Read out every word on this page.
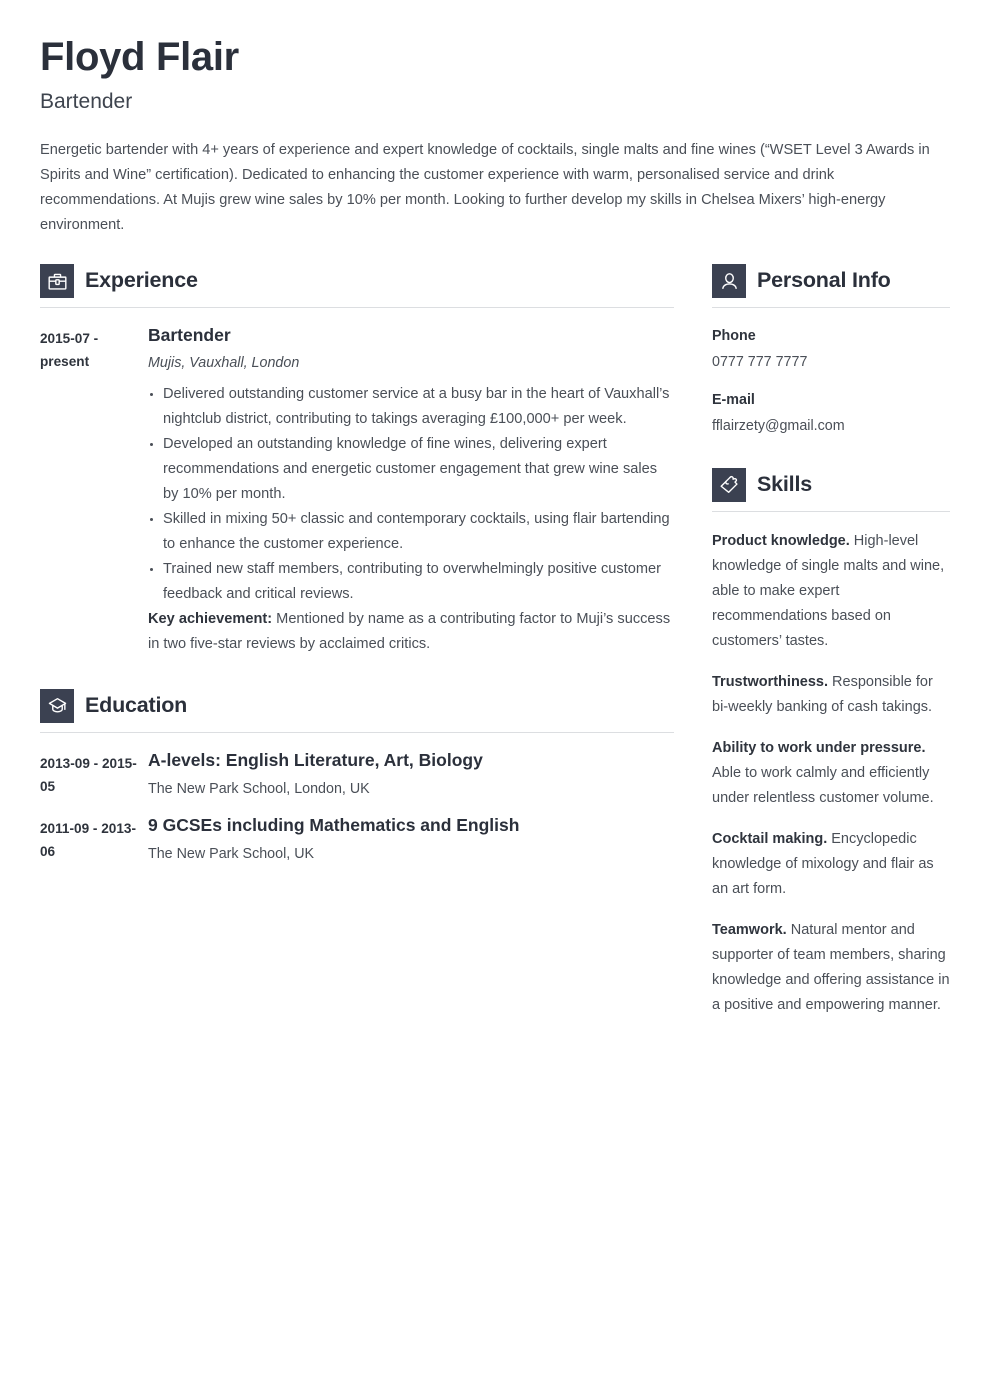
Floyd Flair
Bartender

Energetic bartender with 4+ years of experience and expert knowledge of cocktails, single malts and fine wines (“WSET Level 3 Awards in Spirits and Wine” certification). Dedicated to enhancing the customer experience with warm, personalised service and drink recommendations. At Mujis grew wine sales by 10% per month. Looking to further develop my skills in Chelsea Mixers’ high-energy environment.

Experience
2015-07 - present

Bartender

Mujis, Vauxhall, London

Delivered outstanding customer service at a busy bar in the heart of Vauxhall’s nightclub district, contributing to takings averaging £100,000+ per week.
Developed an outstanding knowledge of fine wines, delivering expert recommendations and energetic customer engagement that grew wine sales by 10% per month.
Skilled in mixing 50+ classic and contemporary cocktails, using flair bartending to enhance the customer experience.
Trained new staff members, contributing to overwhelmingly positive customer feedback and critical reviews.

Key achievement: Mentioned by name as a contributing factor to Muji’s success in two five-star reviews by acclaimed critics.

Education
2013-09 - 2015-05

A-levels: English Literature, Art, Biology

The New Park School, London, UK

2011-09 - 2013-06

9 GCSEs including Mathematics and English

The New Park School, UK

Personal Info

Phone

0777 777 7777

E-mail

fflairzety@gmail.com

Skills

Product knowledge. High-level knowledge of single malts and wine, able to make expert recommendations based on customers’ tastes.

Trustworthiness. Responsible for bi-weekly banking of cash takings.

Ability to work under pressure. Able to work calmly and efficiently under relentless customer volume.

Cocktail making. Encyclopedic knowledge of mixology and flair as an art form.

Teamwork. Natural mentor and supporter of team members, sharing knowledge and offering assistance in a positive and empowering manner.
